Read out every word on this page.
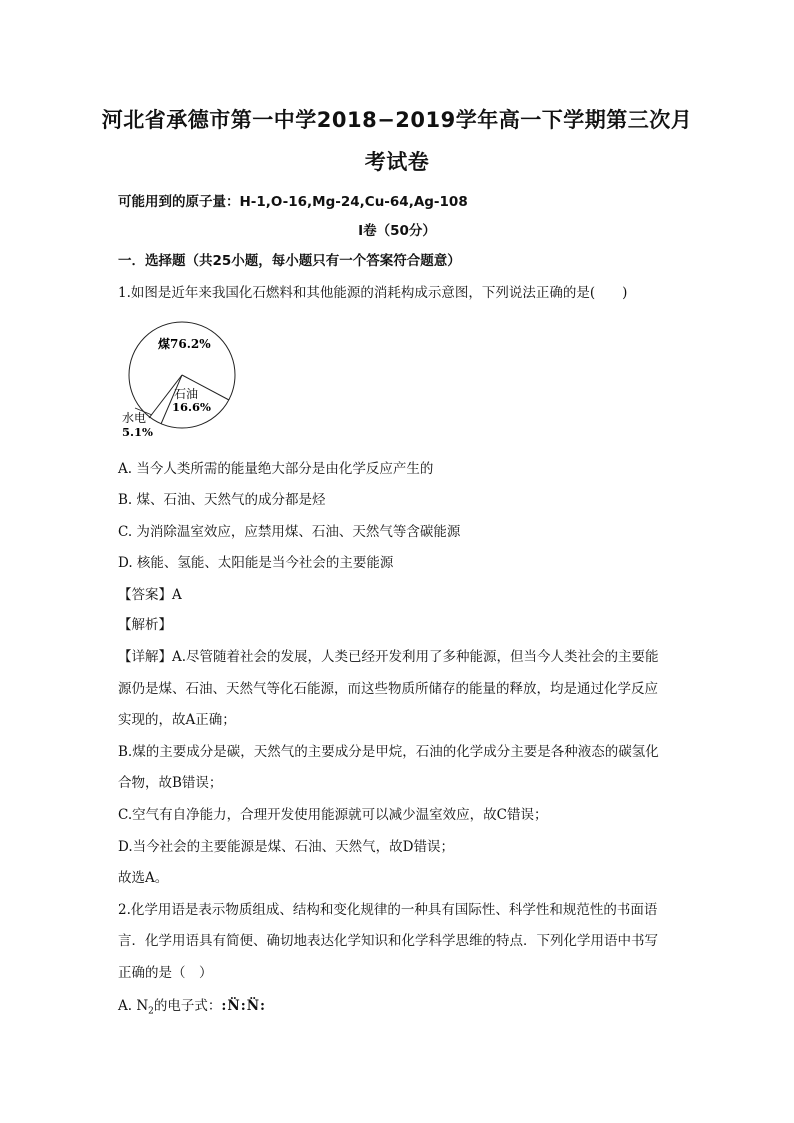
河北省承德市第一中学2018−2019学年高一下学期第三次月
考试卷
可能用到的原子量：H-1,O-16,Mg-24,Cu-64,Ag-108
I卷（50分）
一．选择题（共25小题，每小题只有一个答案符合题意）
1.如图是近年来我国化石燃料和其他能源的消耗构成示意图，下列说法正确的是(　　)
煤76.2%
石油
16.6%
水电
5.1%
A. 当今人类所需的能量绝大部分是由化学反应产生的
B. 煤、石油、天然气的成分都是烃
C. 为消除温室效应，应禁用煤、石油、天然气等含碳能源
D. 核能、氢能、太阳能是当今社会的主要能源
【答案】A
【解析】
【详解】A.尽管随着社会的发展，人类已经开发利用了多种能源，但当今人类社会的主要能
源仍是煤、石油、天然气等化石能源，而这些物质所储存的能量的释放，均是通过化学反应
实现的，故A正确；
B.煤的主要成分是碳，天然气的主要成分是甲烷，石油的化学成分主要是各种液态的碳氢化
合物，故B错误；
C.空气有自净能力，合理开发使用能源就可以减少温室效应，故C错误；
D.当今社会的主要能源是煤、石油、天然气，故D错误；
故选A。
2.化学用语是表示物质组成、结构和变化规律的一种具有国际性、科学性和规范性的书面语
言．化学用语具有简便、确切地表达化学知识和化学科学思维的特点．下列化学用语中书写
正确的是（　）
A. $N_2$的电子式：:N̈:N̈:
